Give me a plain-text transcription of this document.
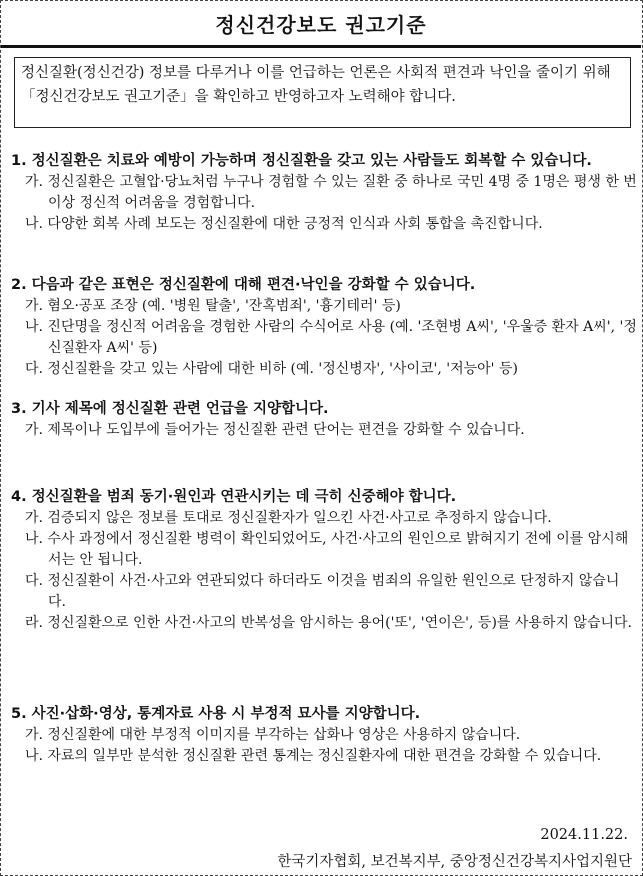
정신건강보도 권고기준
정신질환(정신건강) 정보를 다루거나 이를 언급하는 언론은 사회적 편견과 낙인을 줄이기 위해「정신건강보도 권고기준」을 확인하고 반영하고자 노력해야 합니다.
1. 정신질환은 치료와 예방이 가능하며 정신질환을 갖고 있는 사람들도 회복할 수 있습니다.
가. 정신질환은 고혈압·당뇨처럼 누구나 경험할 수 있는 질환 중 하나로 국민 4명 중 1명은 평생 한 번 이상 정신적 어려움을 경험합니다.
나. 다양한 회복 사례 보도는 정신질환에 대한 긍정적 인식과 사회 통합을 촉진합니다.
2. 다음과 같은 표현은 정신질환에 대해 편견·낙인을 강화할 수 있습니다.
가. 혐오·공포 조장 (예. '병원 탈출', '잔혹범죄', '흉기테러' 등)
나. 진단명을 정신적 어려움을 경험한 사람의 수식어로 사용 (예. '조현병 A씨', '우울증 환자 A씨', '정신질환자 A씨' 등)
다. 정신질환을 갖고 있는 사람에 대한 비하 (예. '정신병자', '사이코', '저능아' 등)
3. 기사 제목에 정신질환 관련 언급을 지양합니다.
가. 제목이나 도입부에 들어가는 정신질환 관련 단어는 편견을 강화할 수 있습니다.
4. 정신질환을 범죄 동기·원인과 연관시키는 데 극히 신중해야 합니다.
가. 검증되지 않은 정보를 토대로 정신질환자가 일으킨 사건·사고로 추정하지 않습니다.
나. 수사 과정에서 정신질환 병력이 확인되었어도, 사건·사고의 원인으로 밝혀지기 전에 이를 암시해서는 안 됩니다.
다. 정신질환이 사건·사고와 연관되었다 하더라도 이것을 범죄의 유일한 원인으로 단정하지 않습니다.
라. 정신질환으로 인한 사건·사고의 반복성을 암시하는 용어('또', '연이은', 등)를 사용하지 않습니다.
5. 사진·삽화·영상, 통계자료 사용 시 부정적 묘사를 지양합니다.
가. 정신질환에 대한 부정적 이미지를 부각하는 삽화나 영상은 사용하지 않습니다.
나. 자료의 일부만 분석한 정신질환 관련 통계는 정신질환자에 대한 편견을 강화할 수 있습니다.
2024.11.22.
한국기자협회, 보건복지부, 중앙정신건강복지사업지원단
